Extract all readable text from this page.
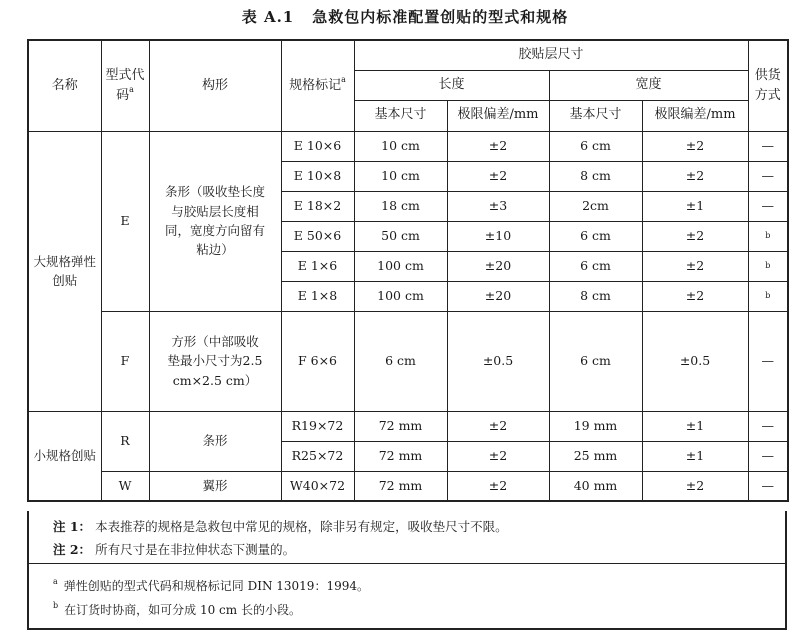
表 A.1 急救包内标准配置创贴的型式和规格
名称	型式代码$^a$	构形	规格标记$^a$	胶贴层尺寸				供货方式
				长度		宽度		
				基本尺寸	极限偏差/mm	基本尺寸	极限编差/mm	
大规格弹性创贴	E	条形（吸收垫长度与胶贴层长度相同，宽度方向留有粘边）	E 10×6	10 cm	±2	6 cm	±2	—
			E 10×8	10 cm	±2	8 cm	±2	—
			E 18×2	18 cm	±3	2cm	±1	—
			E 50×6	50 cm	±10	6 cm	±2	b
			E 1×6	100 cm	±20	6 cm	±2	b
			E 1×8	100 cm	±20	8 cm	±2	b
	F	方形（中部吸收垫最小尺寸为2.5 cm×2.5 cm）	F 6×6	6 cm	±0.5	6 cm	±0.5	—
小规格创贴	R	条形	R19×72	72 mm	±2	19 mm	±1	—
			R25×72	72 mm	±2	25 mm	±1	—
	W	翼形	W40×72	72 mm	±2	40 mm	±2	—
注 1： 本表推荐的规格是急救包中常见的规格，除非另有规定，吸收垫尺寸不限。
注 2： 所有尺寸是在非拉伸状态下测量的。
$^a$ 弹性创贴的型式代码和规格标记同 DIN 13019：1994。
$^b$ 在订货时协商，如可分成 10 cm 长的小段。
